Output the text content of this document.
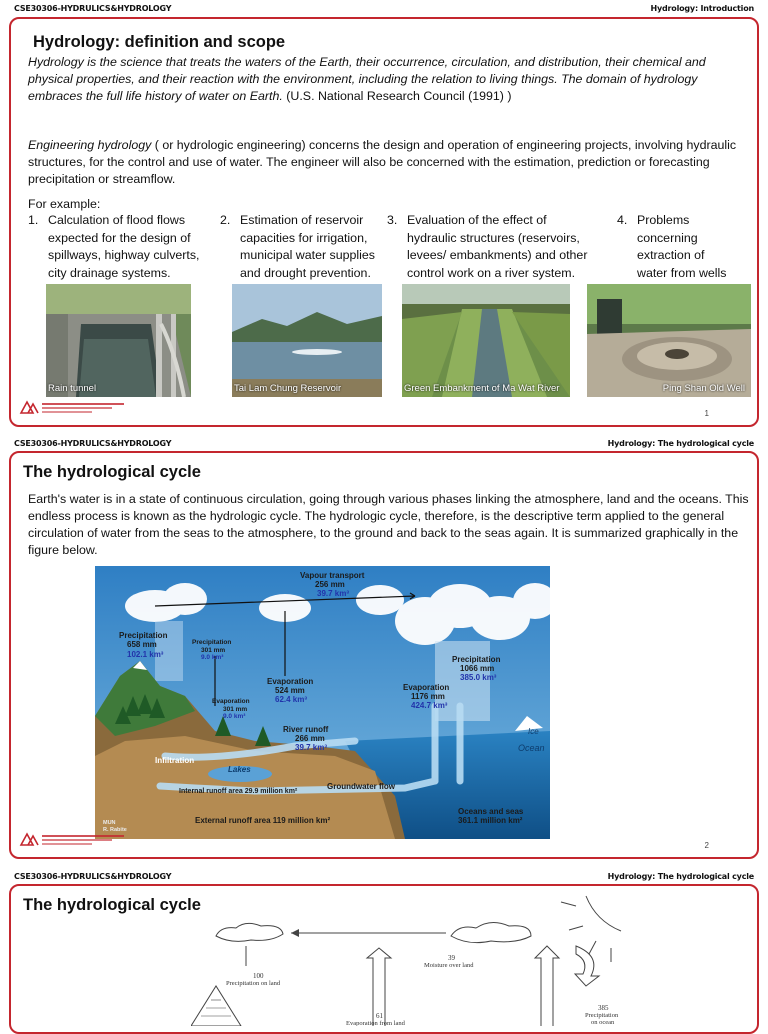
CSE30306-HYDRULICS&HYDROLOGY	Hydrology: Introduction
Hydrology: definition and scope
Hydrology is the science that treats the waters of the Earth, their occurrence, circulation, and distribution, their chemical and physical properties, and their reaction with the environment, including the relation to living things. The domain of hydrology embraces the full life history of water on Earth. (U.S. National Research Council (1991) )
Engineering hydrology ( or hydrologic engineering) concerns the design and operation of engineering projects, involving hydraulic structures, for the control and use of water. The engineer will also be concerned with the estimation, prediction or forecasting precipitation or streamflow.
For example:
1. Calculation of flood flows
expected for the design of
spillways, highway culverts,
city drainage systems.
2. Estimation of reservoir
capacities for irrigation,
municipal water supplies
and drought prevention.
3. Evaluation of the effect of
hydraulic structures (reservoirs,
levees/ embankments) and other
control work on a river system.
4. Problems
concerning
extraction of
water from wells
Rain tunnel	Tai Lam Chung Reservoir	Green Embankment of Ma Wat River	Ping Shan Old Well
1
CSE30306-HYDRULICS&HYDROLOGY	Hydrology: The hydrological cycle
The hydrological cycle
Earth's water is in a state of continuous circulation, going through various phases linking the atmosphere, land and the oceans. This endless process is known as the hydrologic cycle. The hydrologic cycle, therefore, is the descriptive term applied to the general circulation of water from the seas to the atmosphere, to the ground and back to the seas again. It is summarized graphically in the figure below.
Vapour transport
256 mm
39.7 km³
Precipitation
658 mm
102.1 km³
Precipitation
301 mm
9.0 km³
Evaporation
524 mm
62.4 km³
Evaporation
301 mm
9.0 km³
River runoff
266 mm
39.7 km³
Precipitation
1066 mm
385.0 km³
Evaporation
1176 mm
424.7 km³
Ice
Ocean
Infiltration
Lakes
Internal runoff area 29.9 million km²
Groundwater flow
Oceans and seas
361.1 million km²
External runoff area 119 million km²
MUN
R. Rabite
2
CSE30306-HYDRULICS&HYDROLOGY	Hydrology: The hydrological cycle
The hydrological cycle
39
Moisture over land
100
Precipitation on land
385
Precipitation
on ocean
61
Evaporation from land
